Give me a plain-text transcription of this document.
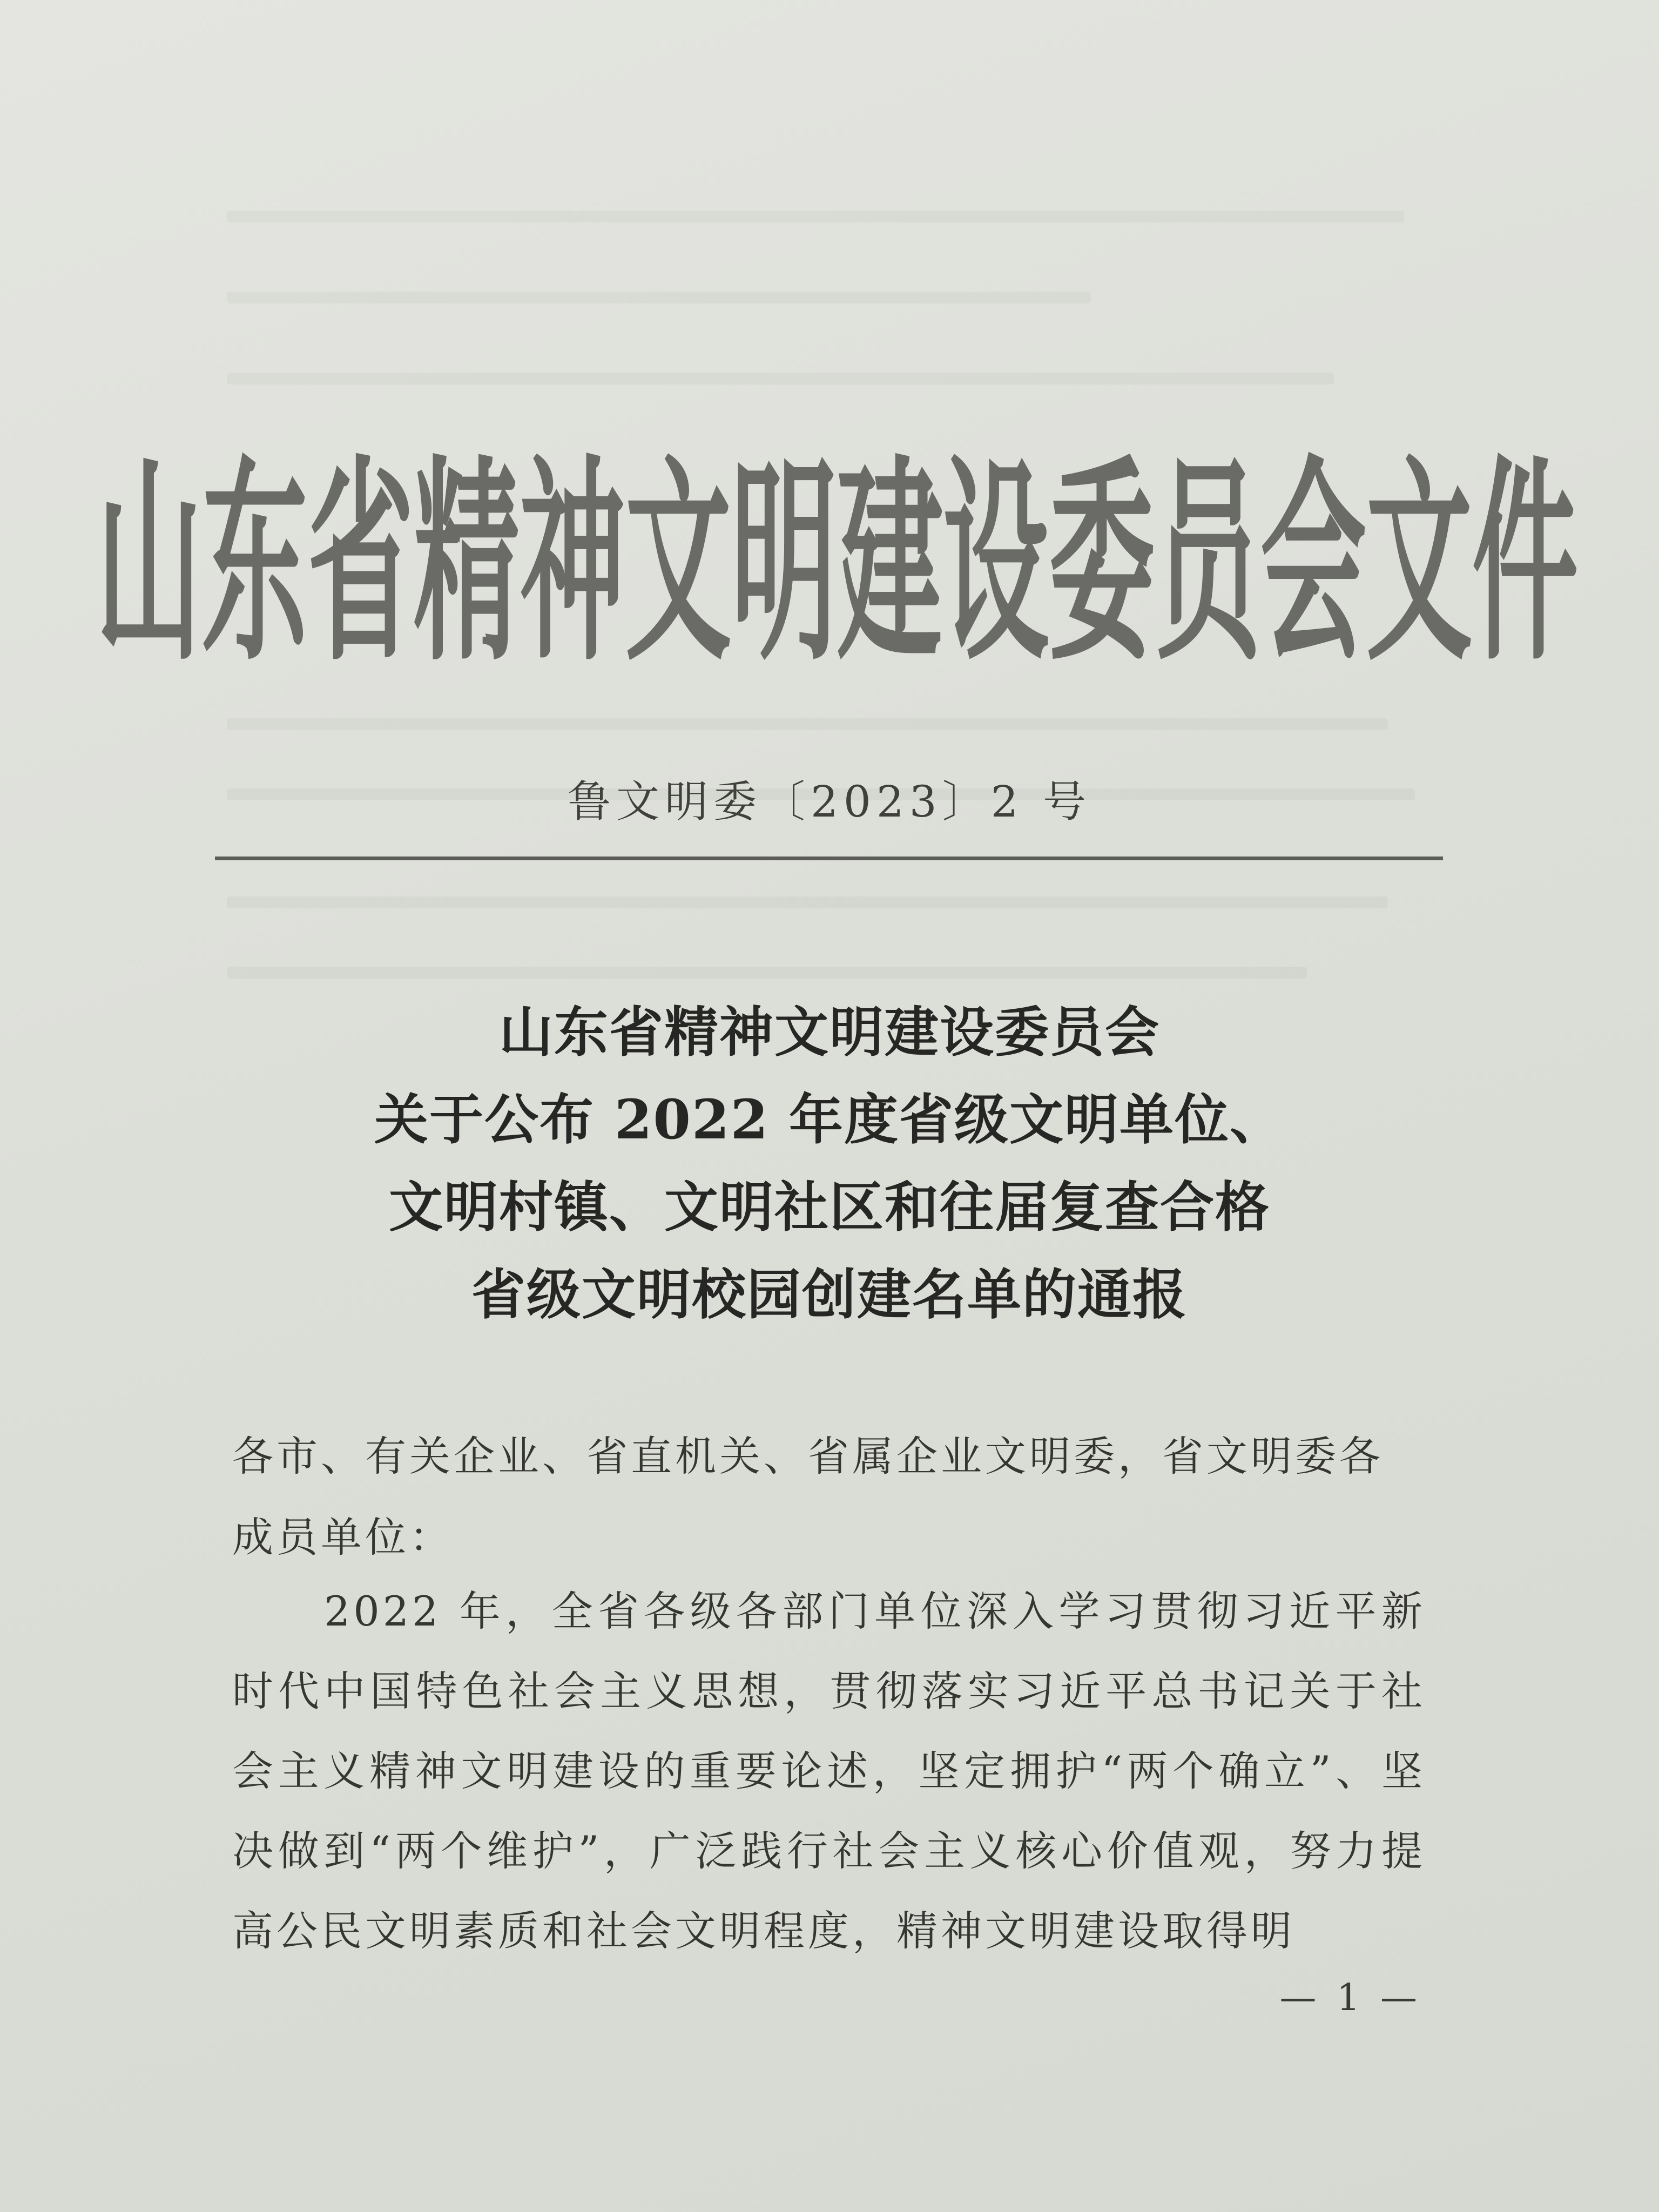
山东省精神文明建设委员会文件
鲁文明委〔2023〕2 号
山东省精神文明建设委员会
关于公布 2022 年度省级文明单位、
文明村镇、文明社区和往届复查合格
省级文明校园创建名单的通报
各市、有关企业、省直机关、省属企业文明委，省文明委各成员单位：
2022 年，全省各级各部门单位深入学习贯彻习近平新时代中国特色社会主义思想，贯彻落实习近平总书记关于社会主义精神文明建设的重要论述，坚定拥护“两个确立”、坚决做到“两个维护”，广泛践行社会主义核心价值观，努力提高公民文明素质和社会文明程度，精神文明建设取得明
— 1 —
